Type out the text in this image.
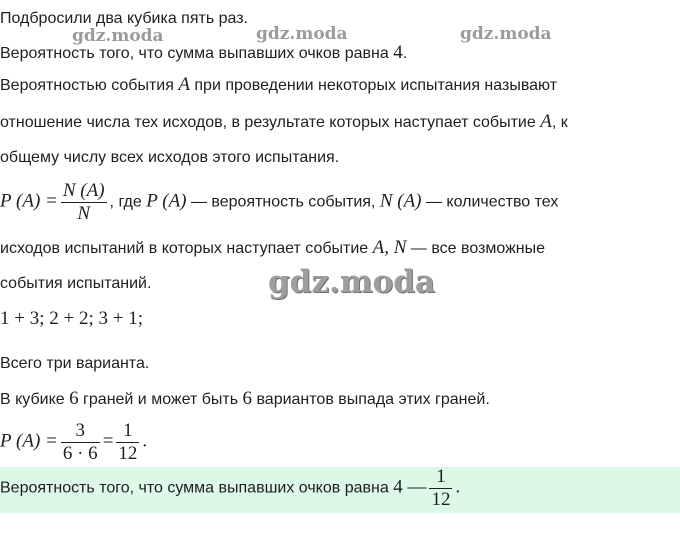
Подбросили два кубика пять раз.
gdz.moda	gdz.moda	gdz.moda
Вероятность того, что сумма выпавших очков равна 4.
Вероятностью события A при проведении некоторых испытания называют
отношение числа тех исходов, в результате которых наступает событие A, к
общему числу всех исходов этого испытания.
P $(A) = \frac{N (A)}{N}$ , где P (A) — вероятность события, N (A) — количество тех
исходов испытаний в которых наступает событие A, N — все возможные
события испытаний.	gdz.moda
1 + 3; 2 + 2; 3 + 1;
Всего три варианта.
В кубике 6 граней и может быть 6 вариантов выпада этих граней.
P $(A) = \frac{3}{6 \cdot 6} = \frac{1}{12}$ .
Вероятность того, что сумма выпавших очков равна 4 — $\frac{1}{12}$ .
